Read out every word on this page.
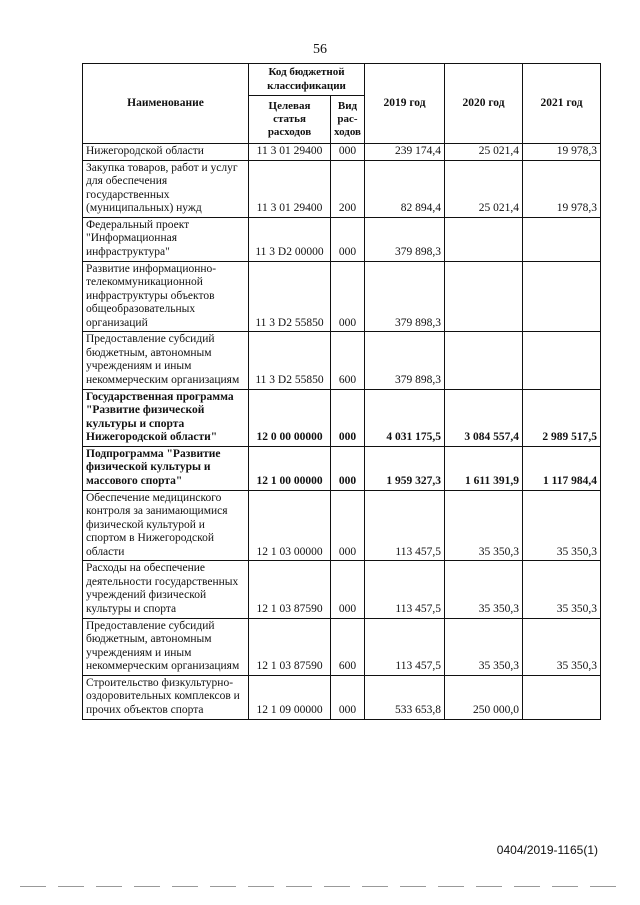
56
Наименование	Код бюджетной классификации		2019 год	2020 год	2021 год
	Целевая статья расходов	Вид рас-ходов			
Нижегородской области	11 3 01 29400	000	239 174,4	25 021,4	19 978,3
Закупка товаров, работ и услуг для обеспечения государственных (муниципальных) нужд	11 3 01 29400	200	82 894,4	25 021,4	19 978,3
Федеральный проект "Информационная инфраструктура"	11 3 D2 00000	000	379 898,3		
Развитие информационно-телекоммуникационной инфраструктуры объектов общеобразовательных организаций	11 3 D2 55850	000	379 898,3		
Предоставление субсидий бюджетным, автономным учреждениям и иным некоммерческим организациям	11 3 D2 55850	600	379 898,3		
Государственная программа "Развитие физической культуры и спорта Нижегородской области"	12 0 00 00000	000	4 031 175,5	3 084 557,4	2 989 517,5
Подпрограмма "Развитие физической культуры и массового спорта"	12 1 00 00000	000	1 959 327,3	1 611 391,9	1 117 984,4
Обеспечение медицинского контроля за занимающимися физической культурой и спортом в Нижегородской области	12 1 03 00000	000	113 457,5	35 350,3	35 350,3
Расходы на обеспечение деятельности государственных учреждений физической культуры и спорта	12 1 03 87590	000	113 457,5	35 350,3	35 350,3
Предоставление субсидий бюджетным, автономным учреждениям и иным некоммерческим организациям	12 1 03 87590	600	113 457,5	35 350,3	35 350,3
Строительство физкультурно-оздоровительных комплексов и прочих объектов спорта	12 1 09 00000	000	533 653,8	250 000,0	
0404/2019-1165(1)
